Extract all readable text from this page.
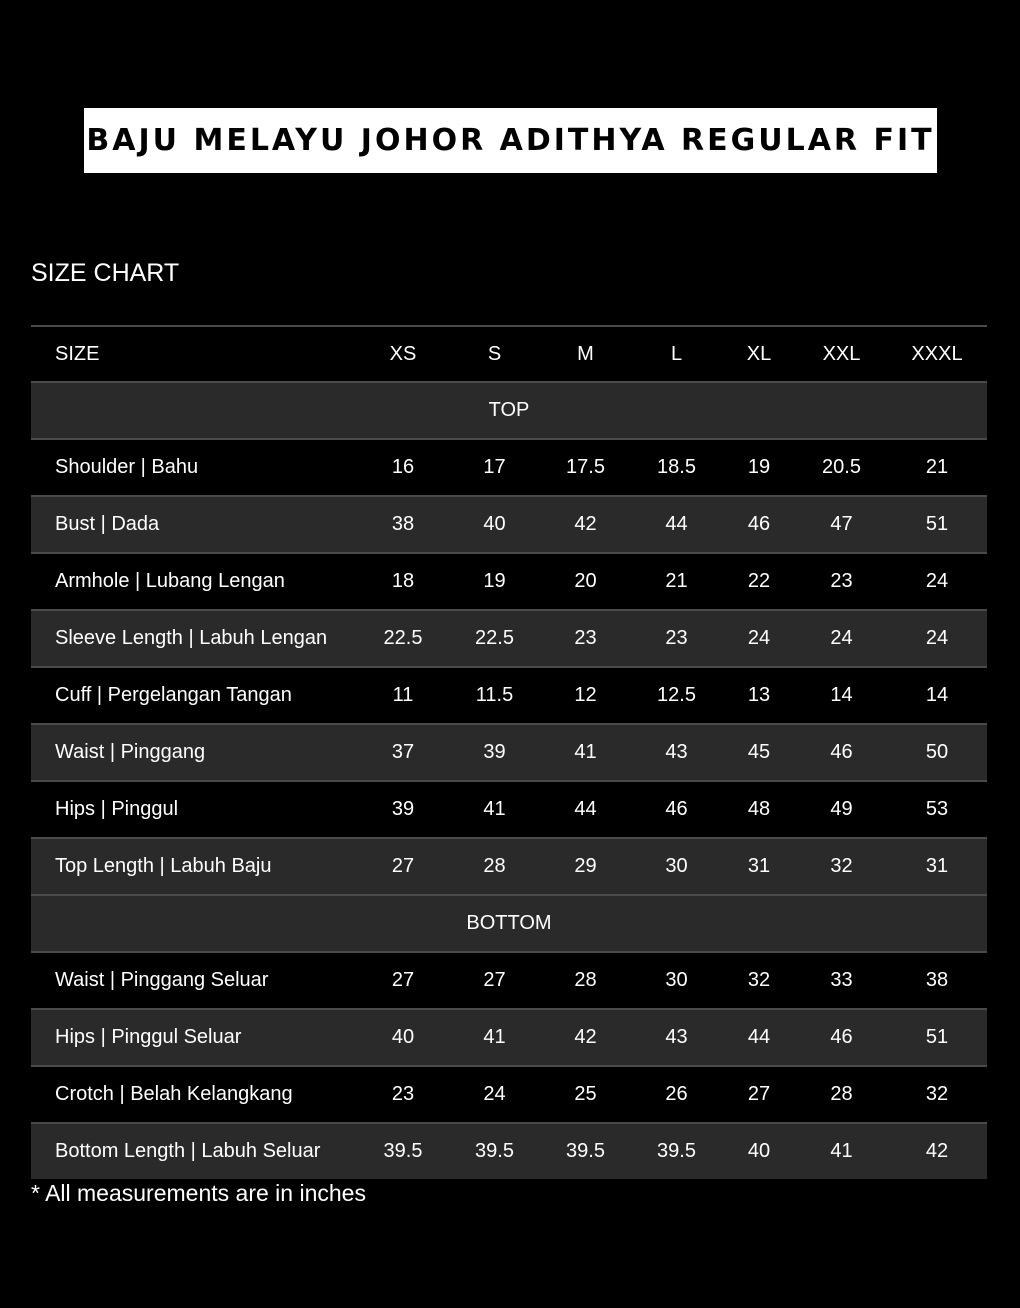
BAJU MELAYU JOHOR ADITHYA REGULAR FIT
SIZE CHART
SIZE	XS	S	M	L	XL	XXL	XXXL
TOP							
Shoulder | Bahu	16	17	17.5	18.5	19	20.5	21
Bust | Dada	38	40	42	44	46	47	51
Armhole | Lubang Lengan	18	19	20	21	22	23	24
Sleeve Length | Labuh Lengan	22.5	22.5	23	23	24	24	24
Cuff | Pergelangan Tangan	11	11.5	12	12.5	13	14	14
Waist | Pinggang	37	39	41	43	45	46	50
Hips | Pinggul	39	41	44	46	48	49	53
Top Length | Labuh Baju	27	28	29	30	31	32	31
BOTTOM							
Waist | Pinggang Seluar	27	27	28	30	32	33	38
Hips | Pinggul Seluar	40	41	42	43	44	46	51
Crotch | Belah Kelangkang	23	24	25	26	27	28	32
Bottom Length | Labuh Seluar	39.5	39.5	39.5	39.5	40	41	42
* All measurements are in inches
